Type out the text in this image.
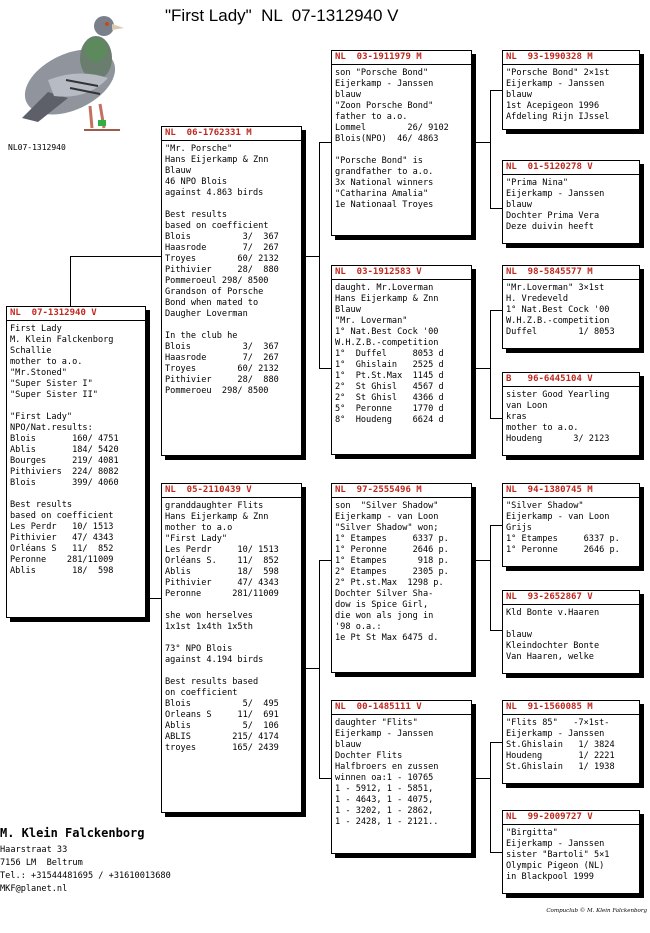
"First Lady"  NL  07-1312940 V
NL07-1312940
NL  07-1312940 V
First Lady
M. Klein Falckenborg
Schallie
mother to a.o.
"Mr.Stoned"
"Super Sister I"
"Super Sister II"

"First Lady"
NPO/Nat.results:
Blois       160/ 4751
Ablis       184/ 5420
Bourges     219/ 4081
Pithiviers  224/ 8082
Blois       399/ 4060

Best results
based on coefficient
Les Perdr   10/ 1513
Pithivier   47/ 4343
Orléans S   11/  852
Peronne    281/11009
Ablis       18/  598
NL  06-1762331 M
"Mr. Porsche"
Hans Eijerkamp & Znn
Blauw
46 NPO Blois
against 4.863 birds

Best results
based on coefficient
Blois          3/  367
Haasrode       7/  267
Troyes        60/ 2132
Pithivier     28/  880
Pommeroeul 298/ 8500
Grandson of Porsche
Bond when mated to
Daugher Loverman

In the club he
Blois          3/  367
Haasrode       7/  267
Troyes        60/ 2132
Pithivier     28/  880
Pommeroeu  298/ 8500
NL  05-2110439 V
granddaughter Flits
Hans Eijerkamp & Znn
mother to a.o
"First Lady"
Les Perdr     10/ 1513
Orléans S.    11/  852
Ablis         18/  598
Pithivier     47/ 4343
Peronne      281/11009

she won herselves
1x1st 1x4th 1x5th

73° NPO Blois
against 4.194 birds

Best results based
on coefficient
Blois          5/  495
Orleans S     11/  691
Ablis          5/  106
ABLIS        215/ 4174
troyes       165/ 2439
NL  03-1911979 M
son "Porsche Bond"
Eijerkamp - Janssen
blauw
"Zoon Porsche Bond"
father to a.o.
Lommel        26/ 9102
Blois(NPO)  46/ 4863

"Porsche Bond" is
grandfather to a.o.
3x National winners
"Catharina Amalia"
1e Nationaal Troyes
NL  03-1912583 V
daught. Mr.Loverman
Hans Eijerkamp & Znn
Blauw
"Mr. Loverman"
1° Nat.Best Cock '00
W.H.Z.B.-competition
1°  Duffel     8053 d
1°  Ghislain   2525 d
1°  Pt.St.Max  1145 d
2°  St Ghisl   4567 d
2°  St Ghisl   4366 d
5°  Peronne    1770 d
8°  Houdeng    6624 d
NL  97-2555496 M
son  "Silver Shadow"
Eijerkamp - van Loon
"Silver Shadow" won;
1° Etampes     6337 p.
1° Peronne     2646 p.
1° Etampes      918 p.
2° Etampes     2305 p.
2° Pt.st.Max  1298 p.
Dochter Silver Sha-
dow is Spice Girl,
die won als jong in
'98 o.a.:
1e Pt St Max 6475 d.
NL  00-1485111 V
daughter "Flits"
Eijerkamp - Janssen
blauw
Dochter Flits
Halfbroers en zussen
winnen oa:1 - 10765
1 - 5912, 1 - 5851,
1 - 4643, 1 - 4075,
1 - 3202, 1 - 2862,
1 - 2428, 1 - 2121..
NL  93-1990328 M
"Porsche Bond" 2×1st
Eijerkamp - Janssen
blauw
1st Acepigeon 1996
Afdeling Rijn IJssel
NL  01-5120278 V
"Prima Nina"
Eijerkamp - Janssen
blauw
Dochter Prima Vera
Deze duivin heeft
NL  98-5845577 M
"Mr.Loverman" 3×1st
H. Vredeveld
1° Nat.Best Cock '00
W.H.Z.B.-competition
Duffel        1/ 8053
B   96-6445104 V
sister Good Yearling
van Loon
kras
mother to a.o.
Houdeng      3/ 2123
NL  94-1380745 M
"Silver Shadow"
Eijerkamp - van Loon
Grijs
1° Etampes     6337 p.
1° Peronne     2646 p.
NL  93-2652867 V
Kld Bonte v.Haaren

blauw
Kleindochter Bonte
Van Haaren, welke
NL  91-1560085 M
"Flits 85"   -7×1st-
Eijerkamp - Janssen
St.Ghislain   1/ 3824
Houdeng       1/ 2221
St.Ghislain   1/ 1938
NL  99-2009727 V
"Birgitta"
Eijerkamp - Janssen
sister "Bartoli" 5×1
Olympic Pigeon (NL)
in Blackpool 1999
M. Klein Falckenborg
Haarstraat 33
7156 LM  Beltrum
Tel.: +31544481695 / +31610013680
MKF@planet.nl
Compuclub © M. Klein Falckenborg
